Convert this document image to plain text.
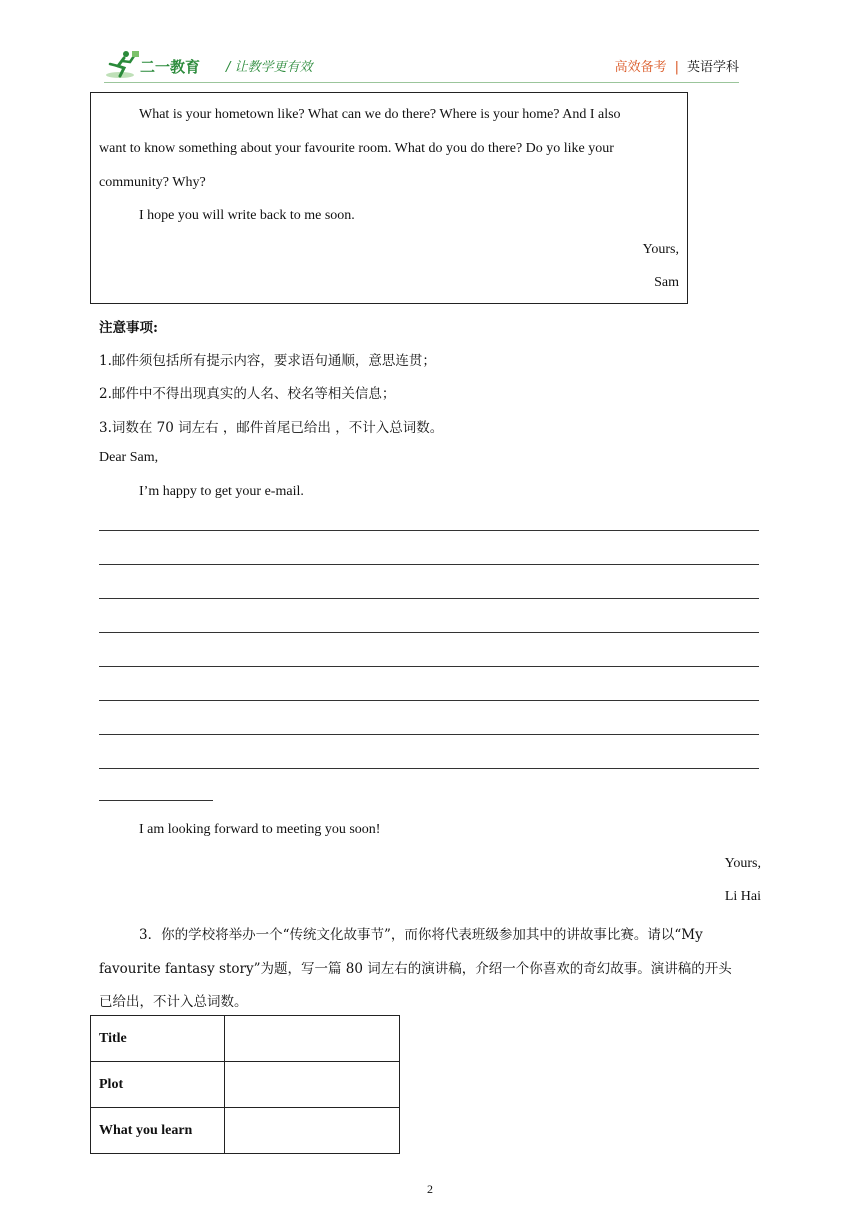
二一教育 / 让教学更有效	高效备考 | 英语学科

What is your hometown like? What can we do there? Where is your home? And I also

want to know something about your favourite room. What do you do there? Do yo like your

community? Why?

I hope you will write back to me soon.

Yours,

Sam

注意事项:

1.邮件须包括所有提示内容，要求语句通顺，意思连贯；

2.邮件中不得出现真实的人名、校名等相关信息；

3.词数在 70 词左右 ，邮件首尾已给出 ，不计入总词数。

Dear Sam,

I’m happy to get your e-mail.

I am looking forward to meeting you soon!

Yours,

Li Hai

3．你的学校将举办一个“传统文化故事节”，而你将代表班级参加其中的讲故事比赛。请以“My

favourite fantasy story”为题，写一篇 80 词左右的演讲稿，介绍一个你喜欢的奇幻故事。演讲稿的开头

已给出，不计入总词数。

Title	
Plot	
What you learn	
2
